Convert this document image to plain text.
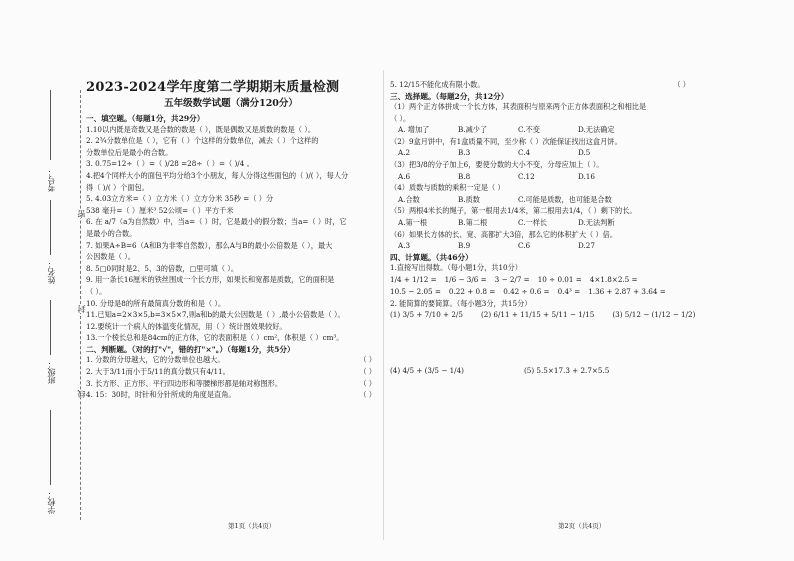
考号：
姓名：
班级：
学校：
密
封
线
2023-2024学年度第二学期期末质量检测
五年级数学试题（满分120分）
一、填空题。（每题1分，共29分）
1.10以内既是奇数又是合数的数是（ ），既是偶数又是质数的数是（ ）。
2. 2¾分数单位是（ ），它有（ ）个这样的分数单位，减去（ ）个这样的
分数单位后是最小的合数。
3. 0.75=12÷（ ）=（ )/28 =28÷（ ）=（ )/4 。
4.把4个同样大小的面包平均分给3个小朋友，每人分得这些面包的（ )/( ），每人分
得（ )/( ）个面包。
5. 4.03立方米=（ ）立方米（ ）立方分米 35秒 =（ ）分
538 毫升=（ ）厘米³ 52公顷=（ ）平方千米
6. 在 a/7（a为自然数）中，当a=（ ）时，它是最小的假分数；当a=（ ）时，它
是最小的合数。
7. 如果A÷B=6（A和B为非零自然数），那么A与B的最小公倍数是（ ），最大
公因数是（ ）。
8. 5□0同时是2、5、3的倍数，□里可填（ ）。
9. 用一条长16厘米的铁丝围成一个长方形，如果长和宽都是质数，它的面积是
（ ）。
10. 分母是8的所有最简真分数的和是（ ）。
11.已知a=2×3×5,b=3×5×7,则a和b的最大公因数是（ ）,最小公倍数是（ ）。
12.要统计一个病人的体温变化情况，用（ ）统计图效果较好。
13.一个棱长总和是84cm的正方体，它的表面积是（ ）cm²，体积是（ ）cm³。
二、判断题。（对的打"√"，错的打"×"。）（每题1分，共5分）
1. 分数的分母越大，它的分数单位也越大。	（ ）
2. 大于3/11而小于5/11的真分数只有4/11。	（ ）
3. 长方形、正方形、平行四边形和等腰梯形都是轴对称图形。	（ ）
4. 15：30时，时针和分针所成的角度是直角。	（ ）
5. 12/15不能化成有限小数。	（ ）
三、选择题。（每题2分，共12分）
（1）两个正方体拼成一个长方体，其表面积与原来两个正方体表面积之和相比是
（ ）。
A. 增加了	B.减少了	C.不变	D.无法确定
（2）9盒月饼中，有1盒质量不同，至少称（ ）次能保证找出这盒月饼。
A.2	B.3	C.4	D.5
（3）把3/8的分子加上6，要使分数的大小不变，分母应加上（ ）。
A.6	B.8	C.12	D.16
（4）质数与质数的乘积一定是（ ）
A.合数	B.质数	C.可能是质数，也可能是合数
（5）两根4米长的绳子，第一根用去1/4米，第二根用去1/4，（ ）剩下的长。
A.第一根	B.第二根	C.一样长	D.无法判断
（6）如果长方体的长、宽、高都扩大3倍，那么它的体积扩大（ ）倍。
A.3	B.9	C.6	D.27
四、计算题。（共46分）
1.直接写出得数。（每小题1分，共10分）
1/4 + 1/12 = 1/6 − 3/6 = 3 − 2/7 = 10 ÷ 0.01 = 4×1.8×2.5 =
10.5 − 2.05 = 0.22 + 0.8 = 0.42 ÷ 0.6 = 0.4³ = 1.36 + 2.87 + 3.64 =
2. 能简算的要简算。（每小题3分，共15分）
(1) 3/5 + 7/10 + 2/5	(2) 6/11 + 11/15 + 5/11 − 1/15	(3) 5/12 − (1/12 − 1/2)
(4) 4/5 + (3/5 − 1/4)	(5) 5.5×17.3 + 2.7×5.5
第1页（共4页）	第2页（共4页）
